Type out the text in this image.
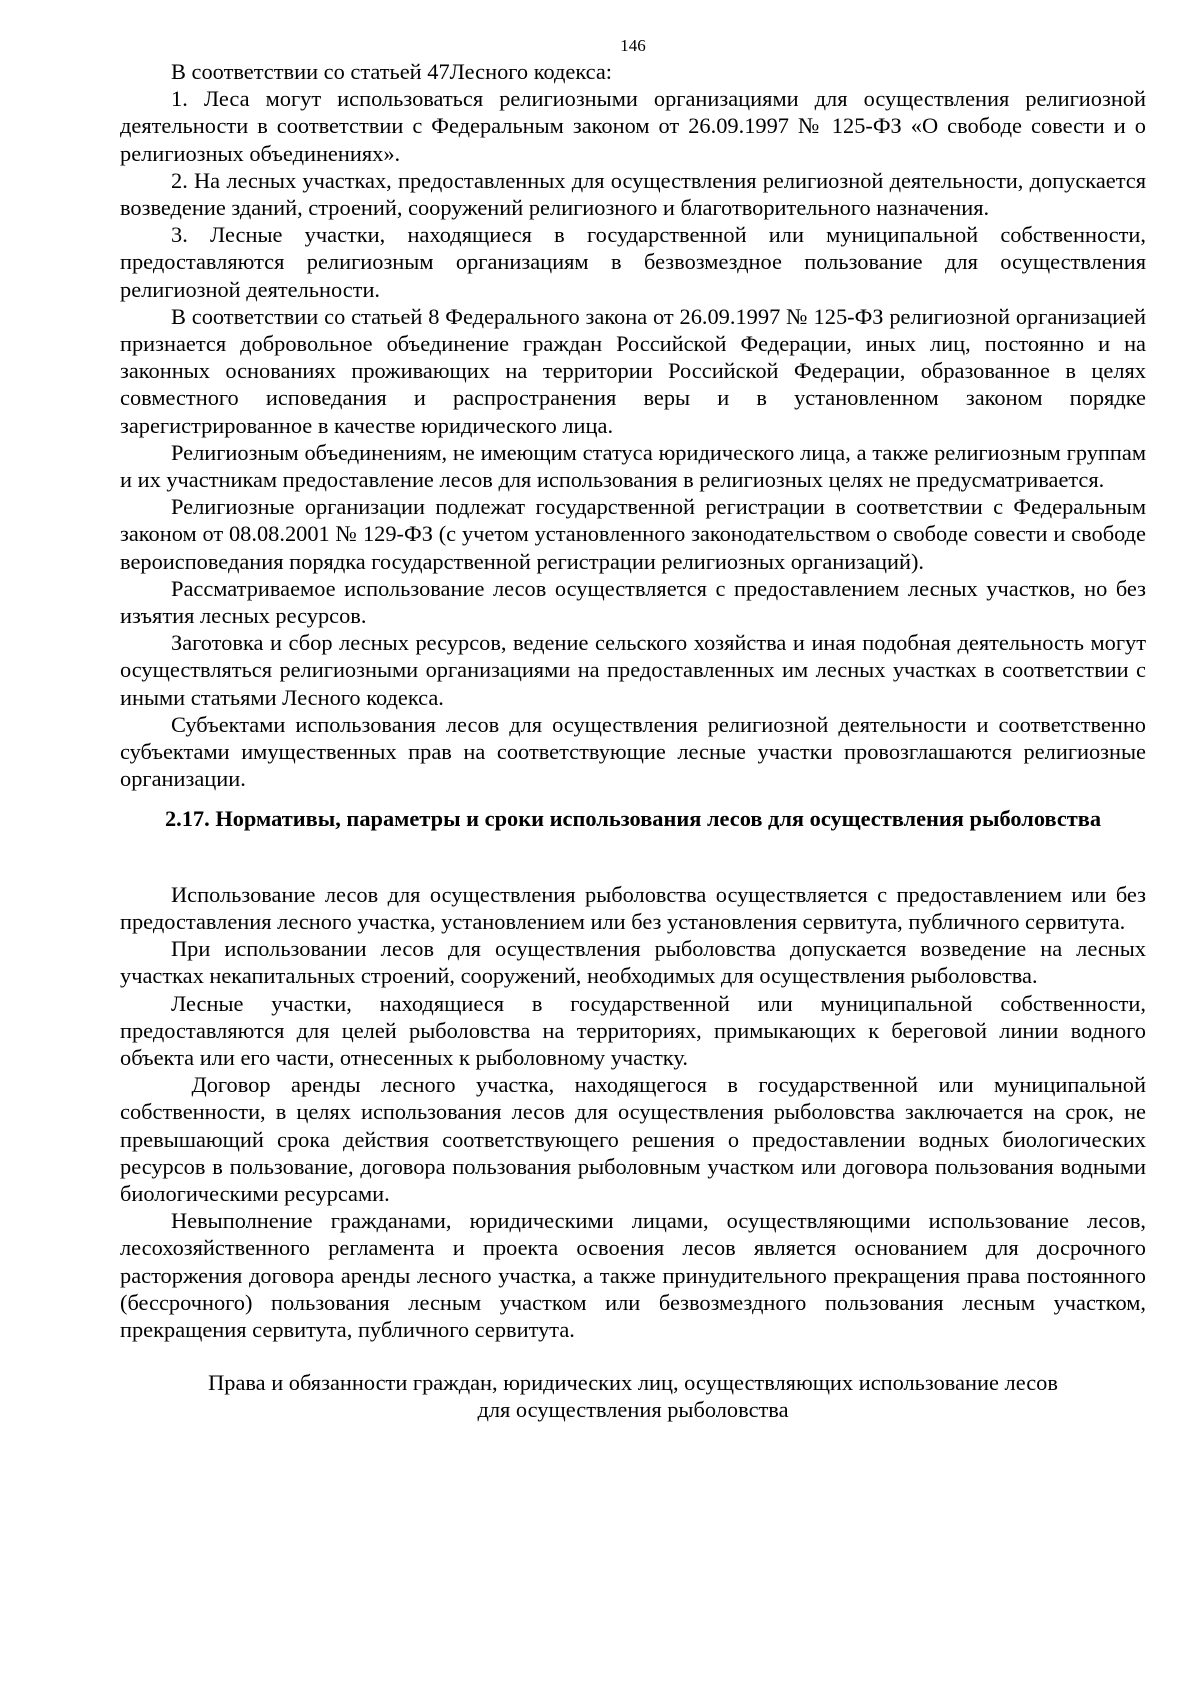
146

В соответствии со статьей 47Лесного кодекса:

1. Леса могут использоваться религиозными организациями для осуществления религиозной деятельности в соответствии с Федеральным законом от 26.09.1997 № 125-ФЗ «О свободе совести и о религиозных объединениях».

2. На лесных участках, предоставленных для осуществления религиозной деятельности, допускается возведение зданий, строений, сооружений религиозного и благотворительного назначения.

3. Лесные участки, находящиеся в государственной или муниципальной собственности, предоставляются религиозным организациям в безвозмездное пользование для осуществления религиозной деятельности.

В соответствии со статьей 8 Федерального закона от 26.09.1997 № 125-ФЗ религиозной организацией признается добровольное объединение граждан Российской Федерации, иных лиц, постоянно и на законных основаниях проживающих на территории Российской Федерации, образованное в целях совместного исповедания и распространения веры и в установленном законом порядке зарегистрированное в качестве юридического лица.

Религиозным объединениям, не имеющим статуса юридического лица, а также религиозным группам и их участникам предоставление лесов для использования в религиозных целях не предусматривается.

Религиозные организации подлежат государственной регистрации в соответствии с Федеральным законом от 08.08.2001 № 129-ФЗ (с учетом установленного законодательством о свободе совести и свободе вероисповедания порядка государственной регистрации религиозных организаций).

Рассматриваемое использование лесов осуществляется с предоставлением лесных участков, но без изъятия лесных ресурсов.

Заготовка и сбор лесных ресурсов, ведение сельского хозяйства и иная подобная деятельность могут осуществляться религиозными организациями на предоставленных им лесных участках в соответствии с иными статьями Лесного кодекса.

Субъектами использования лесов для осуществления религиозной деятельности и соответственно субъектами имущественных прав на соответствующие лесные участки провозглашаются религиозные организации.

2.17. Нормативы, параметры и сроки использования лесов для осуществления рыболовства

Использование лесов для осуществления рыболовства осуществляется с предоставлением или без предоставления лесного участка, установлением или без установления сервитута, публичного сервитута.

При использовании лесов для осуществления рыболовства допускается возведение на лесных участках некапитальных строений, сооружений, необходимых для осуществления рыболовства.

Лесные участки, находящиеся в государственной или муниципальной собственности, предоставляются для целей рыболовства на территориях, примыкающих к береговой линии водного объекта или его части, отнесенных к рыболовному участку.

Договор аренды лесного участка, находящегося в государственной или муниципальной собственности, в целях использования лесов для осуществления рыболовства заключается на срок, не превышающий срока действия соответствующего решения о предоставлении водных биологических ресурсов в пользование, договора пользования рыболовным участком или договора пользования водными биологическими ресурсами.

Невыполнение гражданами, юридическими лицами, осуществляющими использование лесов, лесохозяйственного регламента и проекта освоения лесов является основанием для досрочного расторжения договора аренды лесного участка, а также принудительного прекращения права постоянного (бессрочного) пользования лесным участком или безвозмездного пользования лесным участком, прекращения сервитута, публичного сервитута.

Права и обязанности граждан, юридических лиц, осуществляющих использование лесов

для осуществления рыболовства
